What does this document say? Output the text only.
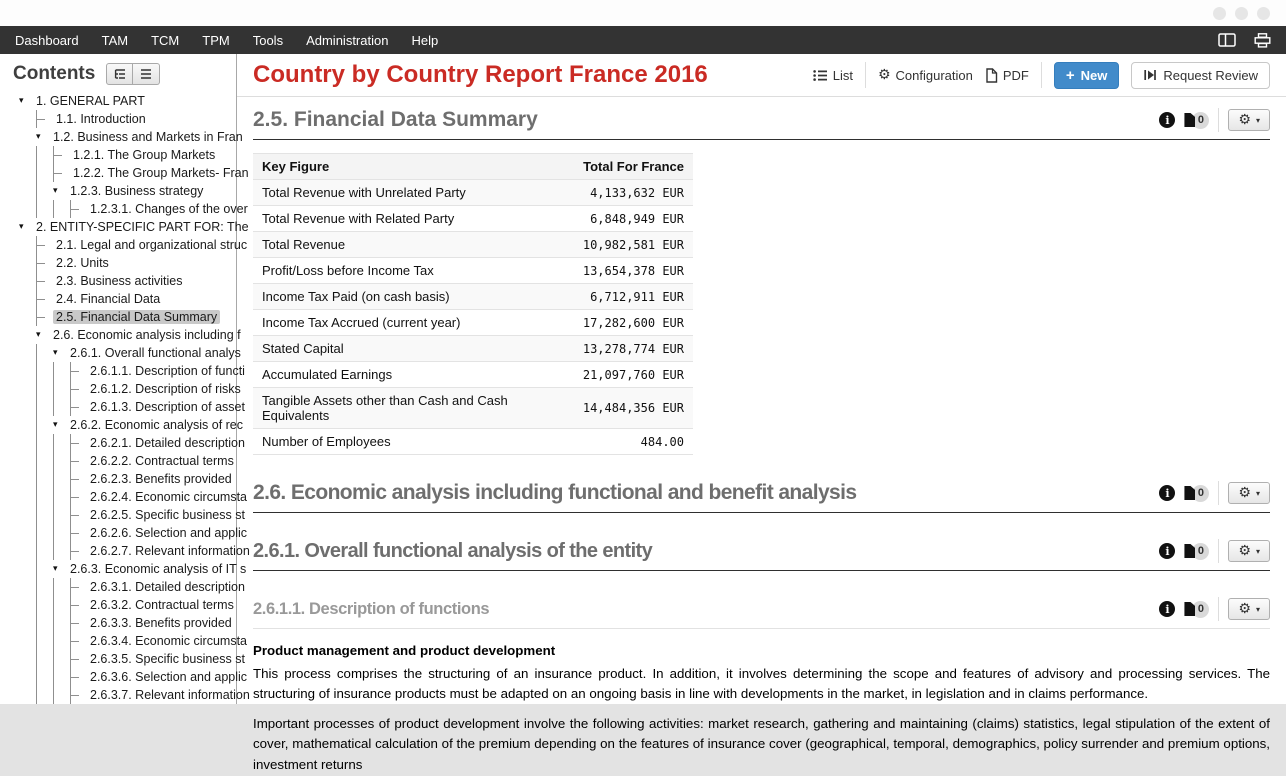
Dashboard TAM TCM TPM Tools Administration Help
Contents
▾ 1. GENERAL PART
1.1. Introduction
▾ 1.2. Business and Markets in Fran
1.2.1. The Group Markets
1.2.2. The Group Markets- Fran
▾ 1.2.3. Business strategy
1.2.3.1. Changes of the over
▾ 2. ENTITY-SPECIFIC PART FOR: The
2.1. Legal and organizational struc
2.2. Units
2.3. Business activities
2.4. Financial Data
2.5. Financial Data Summary
▾ 2.6. Economic analysis including f
▾ 2.6.1. Overall functional analys
2.6.1.1. Description of functi
2.6.1.2. Description of risks
2.6.1.3. Description of asset
▾ 2.6.2. Economic analysis of rec
2.6.2.1. Detailed description
2.6.2.2. Contractual terms
2.6.2.3. Benefits provided
2.6.2.4. Economic circumsta
2.6.2.5. Specific business st
2.6.2.6. Selection and applic
2.6.2.7. Relevant information
▾ 2.6.3. Economic analysis of IT s
2.6.3.1. Detailed description
2.6.3.2. Contractual terms
2.6.3.3. Benefits provided
2.6.3.4. Economic circumsta
2.6.3.5. Specific business st
2.6.3.6. Selection and applic
2.6.3.7. Relevant information
Country by Country Report France 2016	List ⚙ Configuration PDF + New	Request Review
2.5. Financial Data Summary	i	0	⚙ ▾
Key Figure	Total For France
Total Revenue with Unrelated Party	4,133,632 EUR
Total Revenue with Related Party	6,848,949 EUR
Total Revenue	10,982,581 EUR
Profit/Loss before Income Tax	13,654,378 EUR
Income Tax Paid (on cash basis)	6,712,911 EUR
Income Tax Accrued (current year)	17,282,600 EUR
Stated Capital	13,278,774 EUR
Accumulated Earnings	21,097,760 EUR
Tangible Assets other than Cash and Cash Equivalents	14,484,356 EUR
Number of Employees	484.00
2.6. Economic analysis including functional and benefit analysis	i	0	⚙ ▾
2.6.1. Overall functional analysis of the entity	i	0	⚙ ▾
2.6.1.1. Description of functions	i	0	⚙ ▾
Product management and product development

This process comprises the structuring of an insurance product. In addition, it involves determining the scope and features of advisory and processing services. The structuring of insurance products must be adapted on an ongoing basis in line with developments in the market, in legislation and in claims performance.

Important processes of product development involve the following activities: market research, gathering and maintaining (claims) statistics, legal stipulation of the extent of cover, mathematical calculation of the premium depending on the features of insurance cover (geographical, temporal, demographics, policy surrender and premium options, investment returns
